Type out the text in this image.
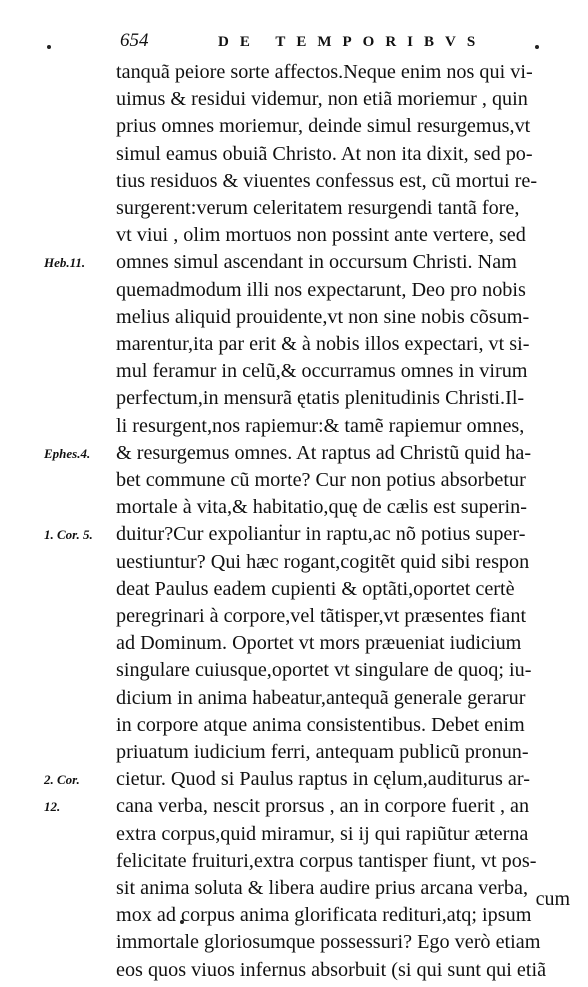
654	DE TEMPORIBVS
tanquã peiore sorte affectos.Neque enim nos qui vi-
uimus & residui videmur, non etiã moriemur , quin
prius omnes moriemur, deinde simul resurgemus,vt
simul eamus obuiã Christo. At non ita dixit, sed po-
tius residuos & viuentes confessus est, cũ mortui re-
surgerent:verum celeritatem resurgendi tantã fore,
vt viui , olim mortuos non possint ante vertere, sed
omnes simul ascendant in occursum Christi. Nam
quemadmodum illi nos expectarunt, Deo pro nobis
melius aliquid prouidente,vt non sine nobis cõsum-
marentur,ita par erit & à nobis illos expectari, vt si-
mul feramur in celũ,& occurramus omnes in virum
perfectum,in mensurã ętatis plenitudinis Christi.Il-
li resurgent,nos rapiemur:& tamẽ rapiemur omnes,
& resurgemus omnes. At raptus ad Christũ quid ha-
bet commune cũ morte? Cur non potius absorbetur
mortale à vita,& habitatio,quę de cælis est superin-
duitur?Cur expolianṫur in raptu,ac nõ potius super-
uestiuntur? Qui hæc rogant,cogitẽt quid sibi respon
deat Paulus eadem cupienti & optãti,oportet certè
peregrinari à corpore,vel tãtisper,vt præsentes fiant
ad Dominum. Oportet vt mors præueniat iudicium
singulare cuiusque,oportet vt singulare de quoq; iu-
dicium in anima habeatur,antequã generale gerarur
in corpore atque anima consistentibus. Debet enim
priuatum iudicium ferri, antequam publicũ pronun-
cietur. Quod si Paulus raptus in cęlum,auditurus ar-
cana verba, nescit prorsus , an in corpore fuerit , an
extra corpus,quid miramur, si ij qui rapiũtur æterna
felicitate fruituri,extra corpus tantisper fiunt, vt pos-
sit anima soluta & libera audire prius arcana verba,
mox ad corpus anima glorificata redituri,atq; ipsum
immortale gloriosumque possessuri? Ego verò etiam
eos quos viuos infernus absorbuit (si qui sunt qui etiã
Heb.11.
Ephes.4.
1. Cor. 5.
2. Cor.
12.
cum
